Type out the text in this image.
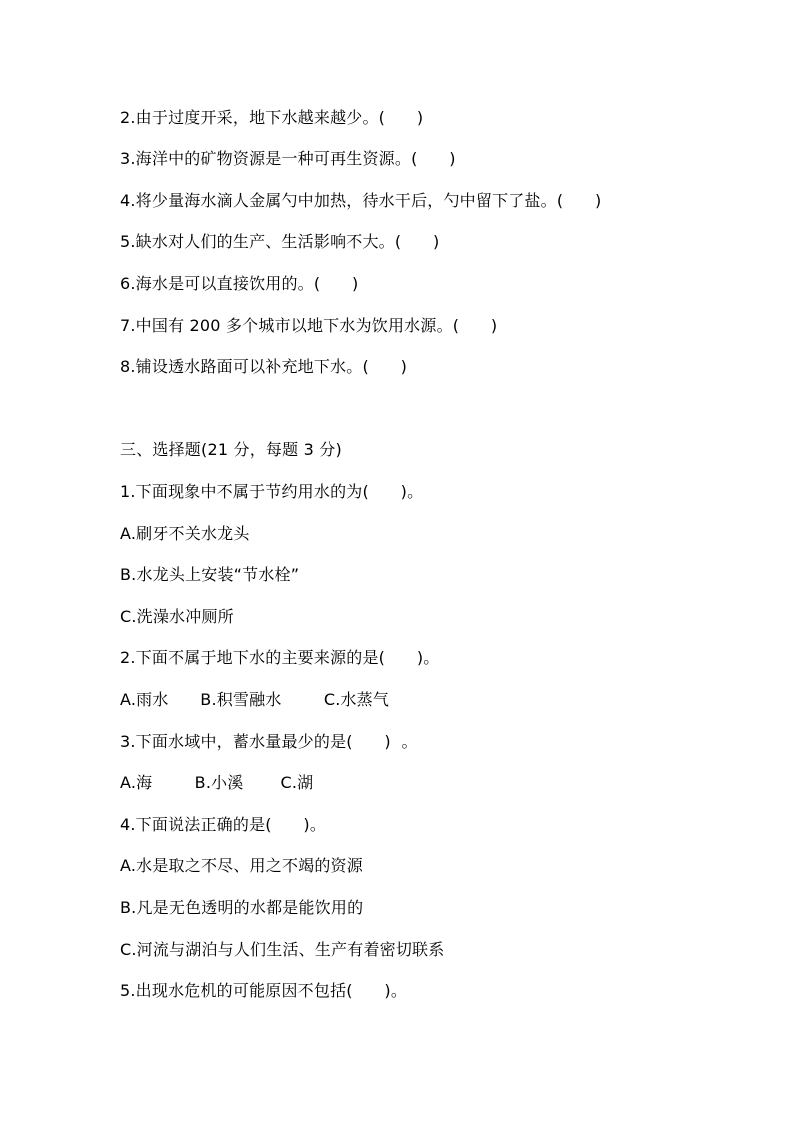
2.由于过度开采，地下水越来越少。(      )
3.海洋中的矿物资源是一种可再生资源。(      )
4.将少量海水滴人金属勺中加热，待水干后，勺中留下了盐。(      )
5.缺水对人们的生产、生活影响不大。(      )
6.海水是可以直接饮用的。(      )
7.中国有 200 多个城市以地下水为饮用水源。(      )
8.铺设透水路面可以补充地下水。(      )
三、选择题(21 分，每题 3 分)
1.下面现象中不属于节约用水的为(      )。
A.刷牙不关水龙头
B.水龙头上安装“节水栓”
C.洗澡水冲厕所
2.下面不属于地下水的主要来源的是(      )。
A.雨水      B.积雪融水        C.水蒸气
3.下面水域中，蓄水量最少的是(      )  。
A.海        B.小溪       C.湖
4.下面说法正确的是(      )。
A.水是取之不尽、用之不竭的资源
B.凡是无色透明的水都是能饮用的
C.河流与湖泊与人们生活、生产有着密切联系
5.出现水危机的可能原因不包括(      )。
